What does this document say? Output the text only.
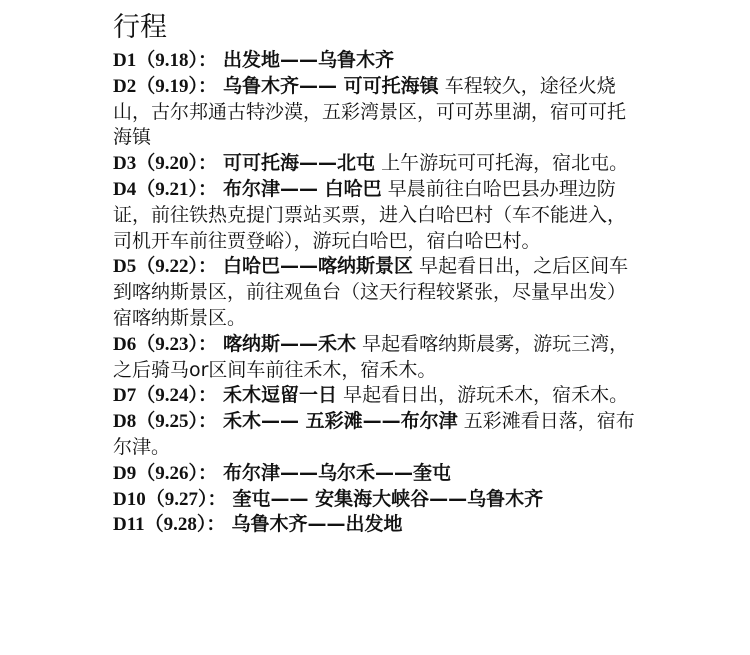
行程

D1（9.18）： 出发地——乌鲁木齐

D2（9.19）： 乌鲁木齐—— 可可托海镇 车程较久，途径火烧山，古尔邦通古特沙漠，五彩湾景区，可可苏里湖，宿可可托海镇

D3（9.20）： 可可托海——北屯 上午游玩可可托海，宿北屯。

D4（9.21）： 布尔津—— 白哈巴 早晨前往白哈巴县办理边防证，前往铁热克提门票站买票，进入白哈巴村（车不能进入，司机开车前往贾登峪），游玩白哈巴，宿白哈巴村。

D5（9.22）： 白哈巴——喀纳斯景区 早起看日出，之后区间车到喀纳斯景区，前往观鱼台（这天行程较紧张，尽量早出发）宿喀纳斯景区。

D6（9.23）： 喀纳斯——禾木 早起看喀纳斯晨雾，游玩三湾，之后骑马or区间车前往禾木，宿禾木。

D7（9.24）： 禾木逗留一日 早起看日出，游玩禾木，宿禾木。

D8（9.25）： 禾木—— 五彩滩——布尔津 五彩滩看日落，宿布尔津。

D9（9.26）： 布尔津——乌尔禾——奎屯

D10（9.27）： 奎屯—— 安集海大峡谷——乌鲁木齐

D11（9.28）： 乌鲁木齐——出发地
